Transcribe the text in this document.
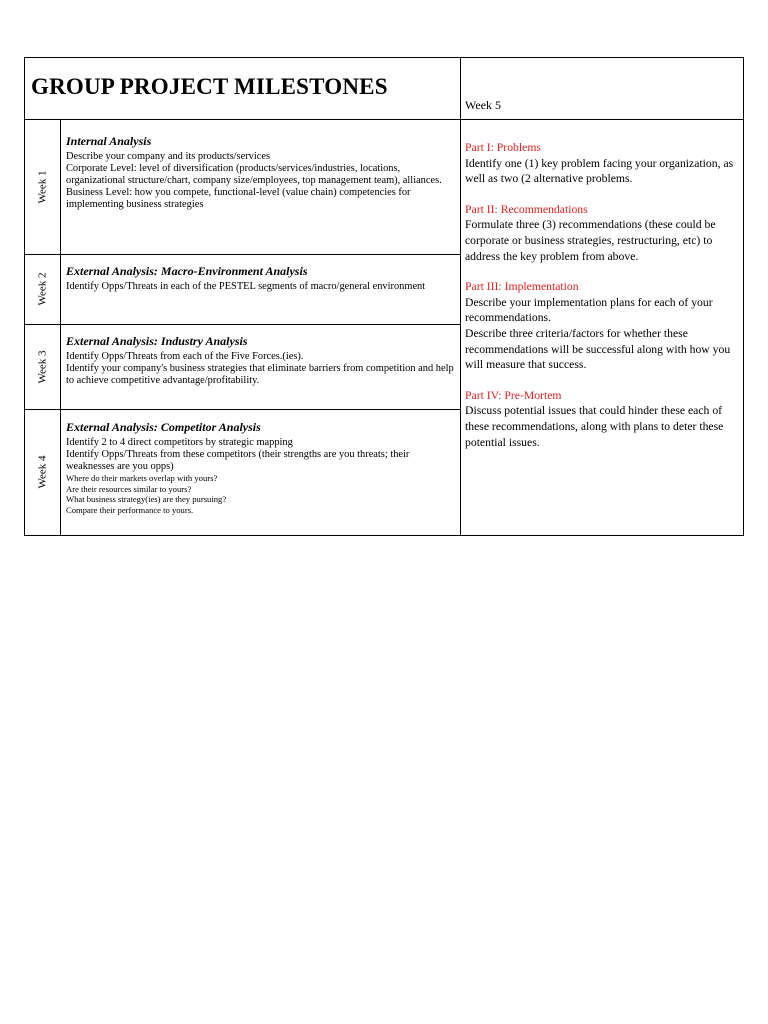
GROUP PROJECT MILESTONES
Week 5
Week 1
Internal Analysis

Describe your company and its products/services

Corporate Level: level of diversification (products/services/industries, locations, organizational structure/chart, company size/employees, top management team), alliances.

Business Level: how you compete, functional-level (value chain) competencies for implementing business strategies

Week 2
External Analysis: Macro-Environment Analysis

Identify Opps/Threats in each of the PESTEL segments of macro/general environment

Week 3
External Analysis: Industry Analysis

Identify Opps/Threats from each of the Five Forces.(ies).

Identify your company's business strategies that eliminate barriers from competition and help to achieve competitive advantage/profitability.

Week 4
External Analysis: Competitor Analysis

Identify 2 to 4 direct competitors by strategic mapping

Identify Opps/Threats from these competitors (their strengths are you threats; their weaknesses are you opps)

Where do their markets overlap with yours?

Are their resources similar to yours?

What business strategy(ies) are they pursuing?

Compare their performance to yours.

Part I: Problems

Identify one (1) key problem facing your organization, as well as two (2 alternative problems.

Part II: Recommendations

Formulate three (3) recommendations (these could be corporate or business strategies, restructuring, etc) to address the key problem from above.

Part III: Implementation

Describe your implementation plans for each of your recommendations.

Describe three criteria/factors for whether these recommendations will be successful along with how you will measure that success.

Part IV: Pre-Mortem

Discuss potential issues that could hinder these each of these recommendations, along with plans to deter these potential issues.
